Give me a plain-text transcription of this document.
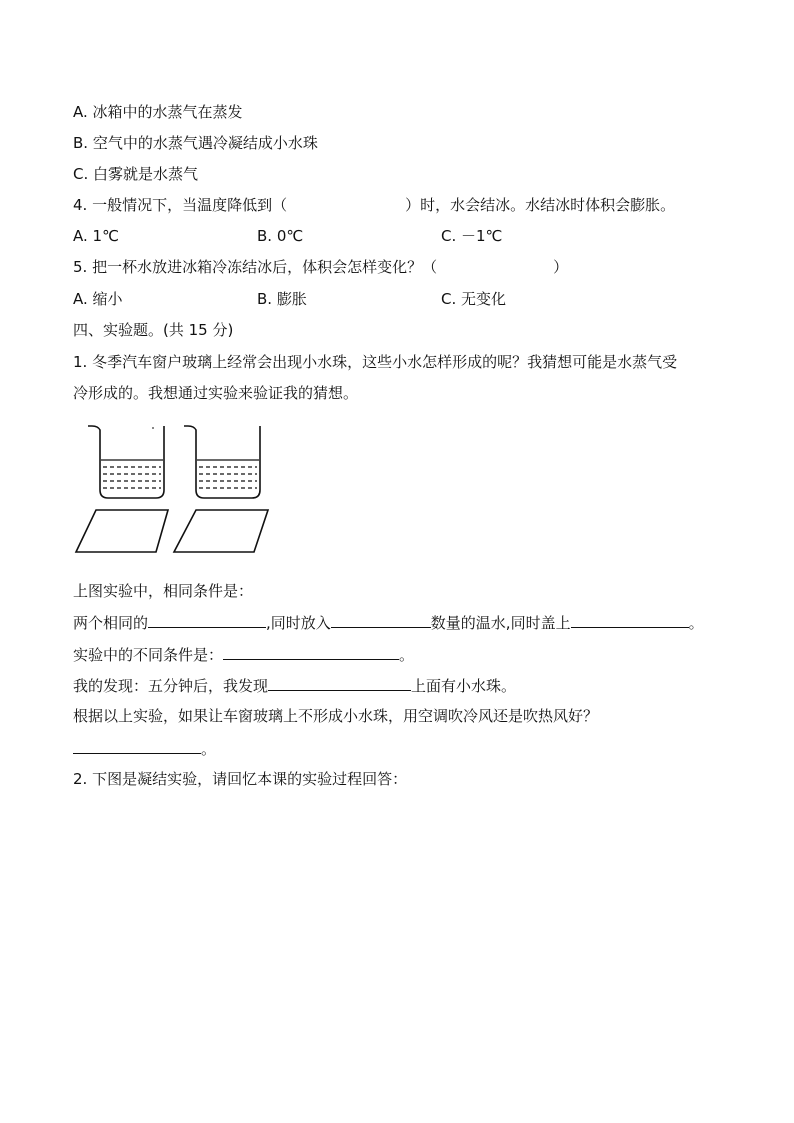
A. 冰箱中的水蒸气在蒸发
B. 空气中的水蒸气遇冷凝结成小水珠
C. 白雾就是水蒸气
4. 一般情况下，当温度降低到（	）时，水会结冰。水结冰时体积会膨胀。
A. 1℃	B. 0℃	C. －1℃
5. 把一杯水放进冰箱冷冻结冰后，体积会怎样变化？（	）
A. 缩小	B. 膨胀	C. 无变化
四、实验题。(共 15 分)
1. 冬季汽车窗户玻璃上经常会出现小水珠，这些小水怎样形成的呢？我猜想可能是水蒸气受
冷形成的。我想通过实验来验证我的猜想。
上图实验中，相同条件是：
两个相同的	,同时放入	数量的温水,同时盖上	。
实验中的不同条件是：	。
我的发现：五分钟后，我发现	上面有小水珠。
根据以上实验，如果让车窗玻璃上不形成小水珠，用空调吹冷风还是吹热风好？
。
2. 下图是凝结实验，请回忆本课的实验过程回答：
